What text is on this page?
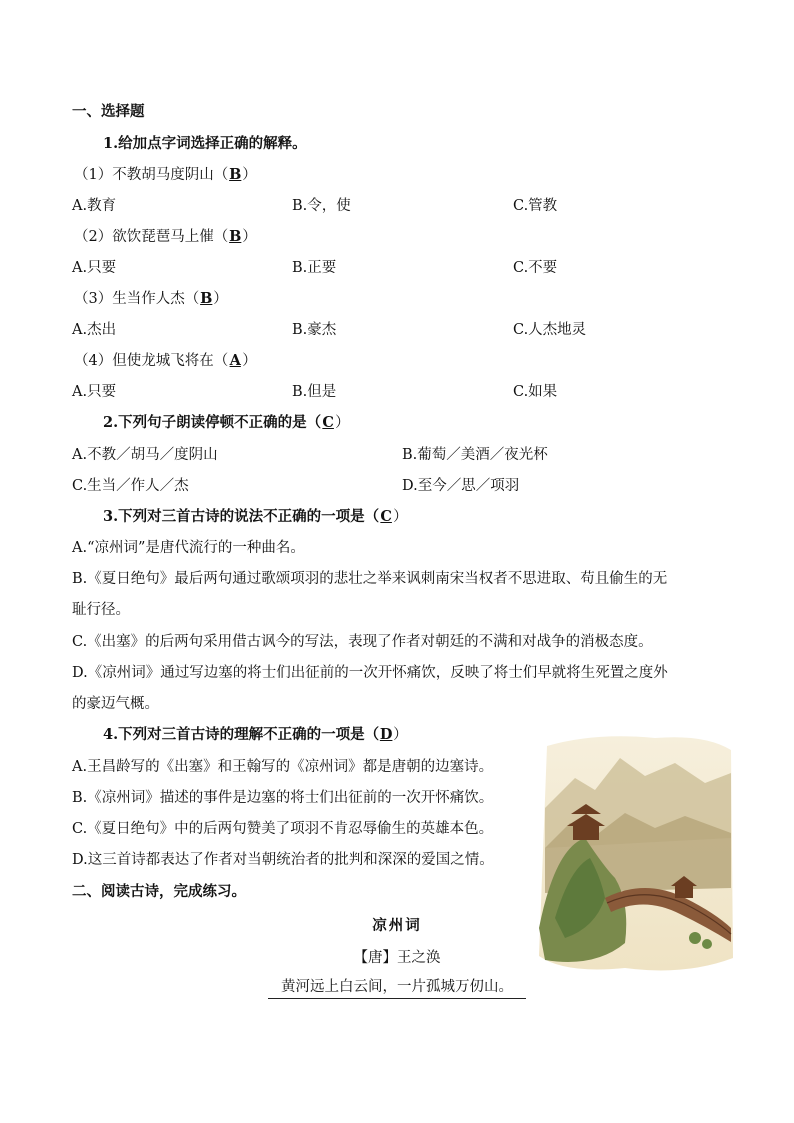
一、选择题
1.给加点字词选择正确的解释。
（1）不教胡马度阴山（B）
A.教育	B.令，使	C.管教
（2）欲饮琵琶马上催（B）
A.只要	B.正要	C.不要
（3）生当作人杰（B）
A.杰出	B.豪杰	C.人杰地灵
（4）但使龙城飞将在（A）
A.只要	B.但是	C.如果
2.下列句子朗读停顿不正确的是（C）
A.不教／胡马／度阴山	B.葡萄／美酒／夜光杯
C.生当／作人／杰	D.至今／思／项羽
3.下列对三首古诗的说法不正确的一项是（C）
A.“凉州词”是唐代流行的一种曲名。
B.《夏日绝句》最后两句通过歌颂项羽的悲壮之举来讽刺南宋当权者不思进取、苟且偷生的无
耻行径。
C.《出塞》的后两句采用借古讽今的写法，表现了作者对朝廷的不满和对战争的消极态度。
D.《凉州词》通过写边塞的将士们出征前的一次开怀痛饮，反映了将士们早就将生死置之度外
的豪迈气概。
4.下列对三首古诗的理解不正确的一项是（D）
A.王昌龄写的《出塞》和王翰写的《凉州词》都是唐朝的边塞诗。
B.《凉州词》描述的事件是边塞的将士们出征前的一次开怀痛饮。
C.《夏日绝句》中的后两句赞美了项羽不肯忍辱偷生的英雄本色。
D.这三首诗都表达了作者对当朝统治者的批判和深深的爱国之情。
二、阅读古诗，完成练习。
凉州词
【唐】王之涣
黄河远上白云间，一片孤城万仞山。
